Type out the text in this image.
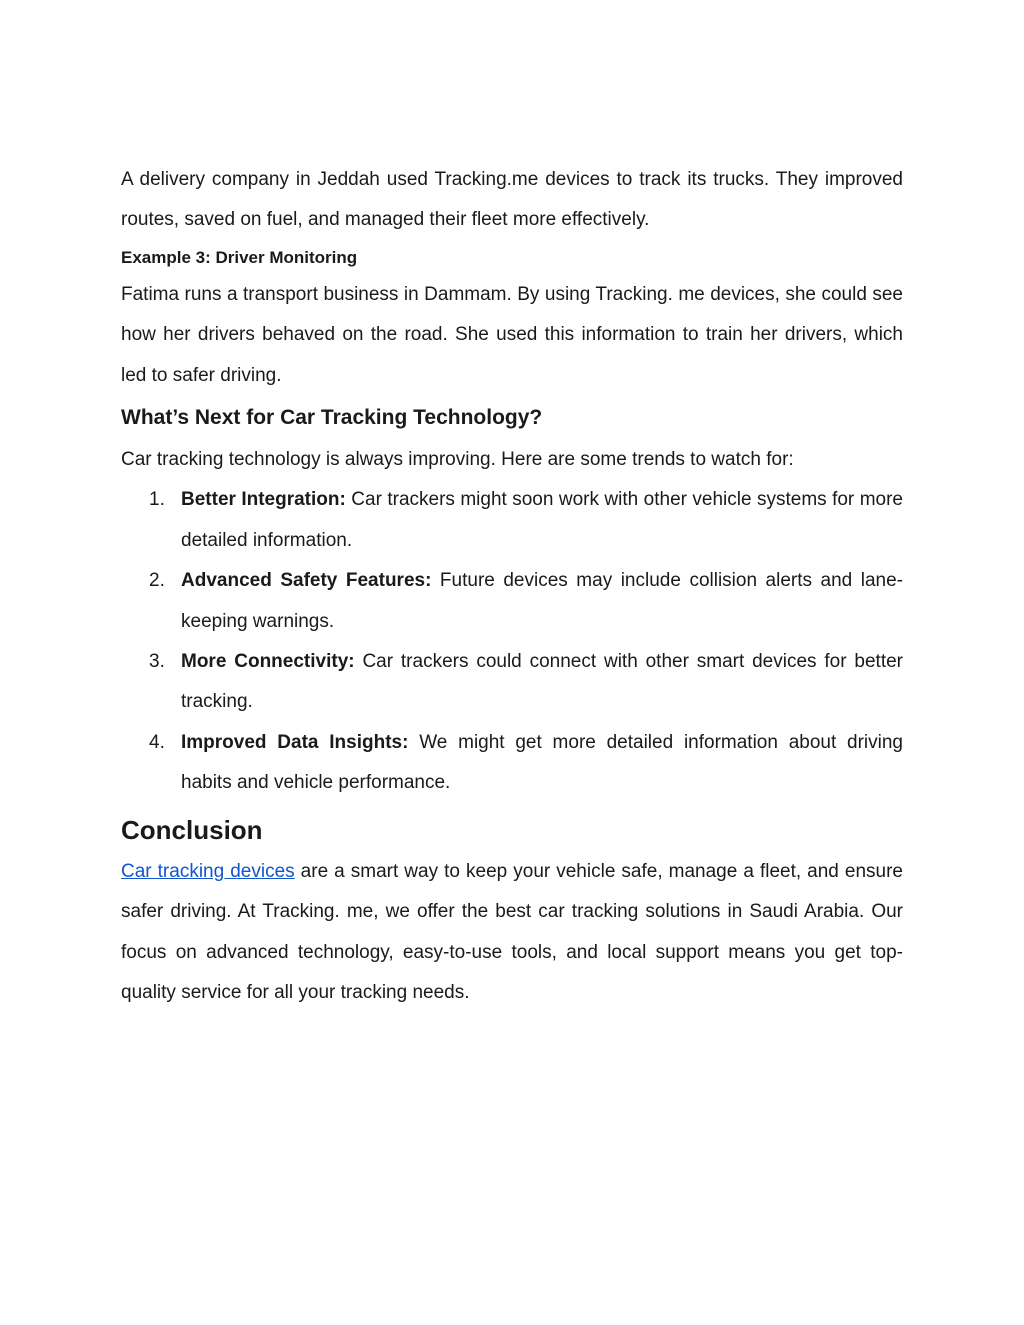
A delivery company in Jeddah used Tracking.me devices to track its trucks. They improved routes, saved on fuel, and managed their fleet more effectively.

Example 3: Driver Monitoring

Fatima runs a transport business in Dammam. By using Tracking. me devices, she could see how her drivers behaved on the road. She used this information to train her drivers, which led to safer driving.

What’s Next for Car Tracking Technology?

Car tracking technology is always improving. Here are some trends to watch for:

1. Better Integration: Car trackers might soon work with other vehicle systems for more detailed information.
2. Advanced Safety Features: Future devices may include collision alerts and lane-keeping warnings.
3. More Connectivity: Car trackers could connect with other smart devices for better tracking.
4. Improved Data Insights: We might get more detailed information about driving habits and vehicle performance.
Conclusion

Car tracking devices are a smart way to keep your vehicle safe, manage a fleet, and ensure safer driving. At Tracking. me, we offer the best car tracking solutions in Saudi Arabia. Our focus on advanced technology, easy-to-use tools, and local support means you get top-quality service for all your tracking needs.
